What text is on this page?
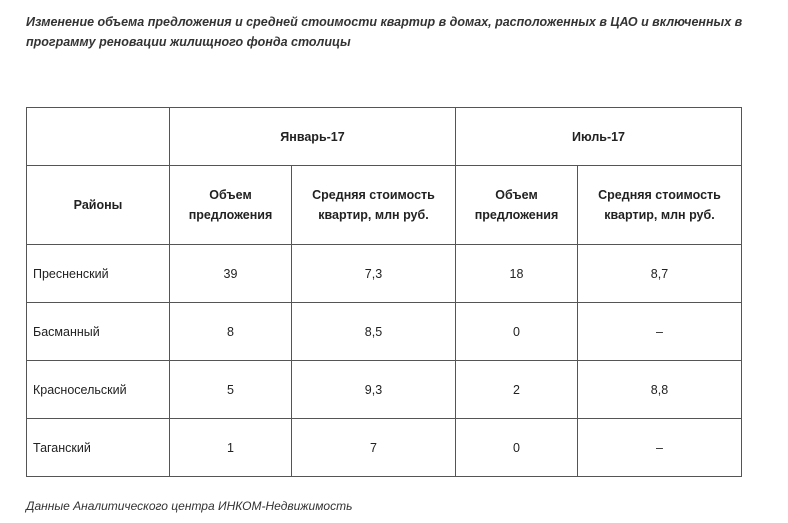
Изменение объема предложения и средней стоимости квартир в домах, расположенных в ЦАО и включенных в программу реновации жилищного фонда столицы
	Январь-17		Июль-17	
Районы	Объем предложения	Средняя стоимость квартир, млн руб.	Объем предложения	Средняя стоимость квартир, млн руб.
Пресненский	39	7,3	18	8,7
Басманный	8	8,5	0	–
Красносельский	5	9,3	2	8,8
Таганский	1	7	0	–
Данные Аналитического центра ИНКОМ-Недвижимость
